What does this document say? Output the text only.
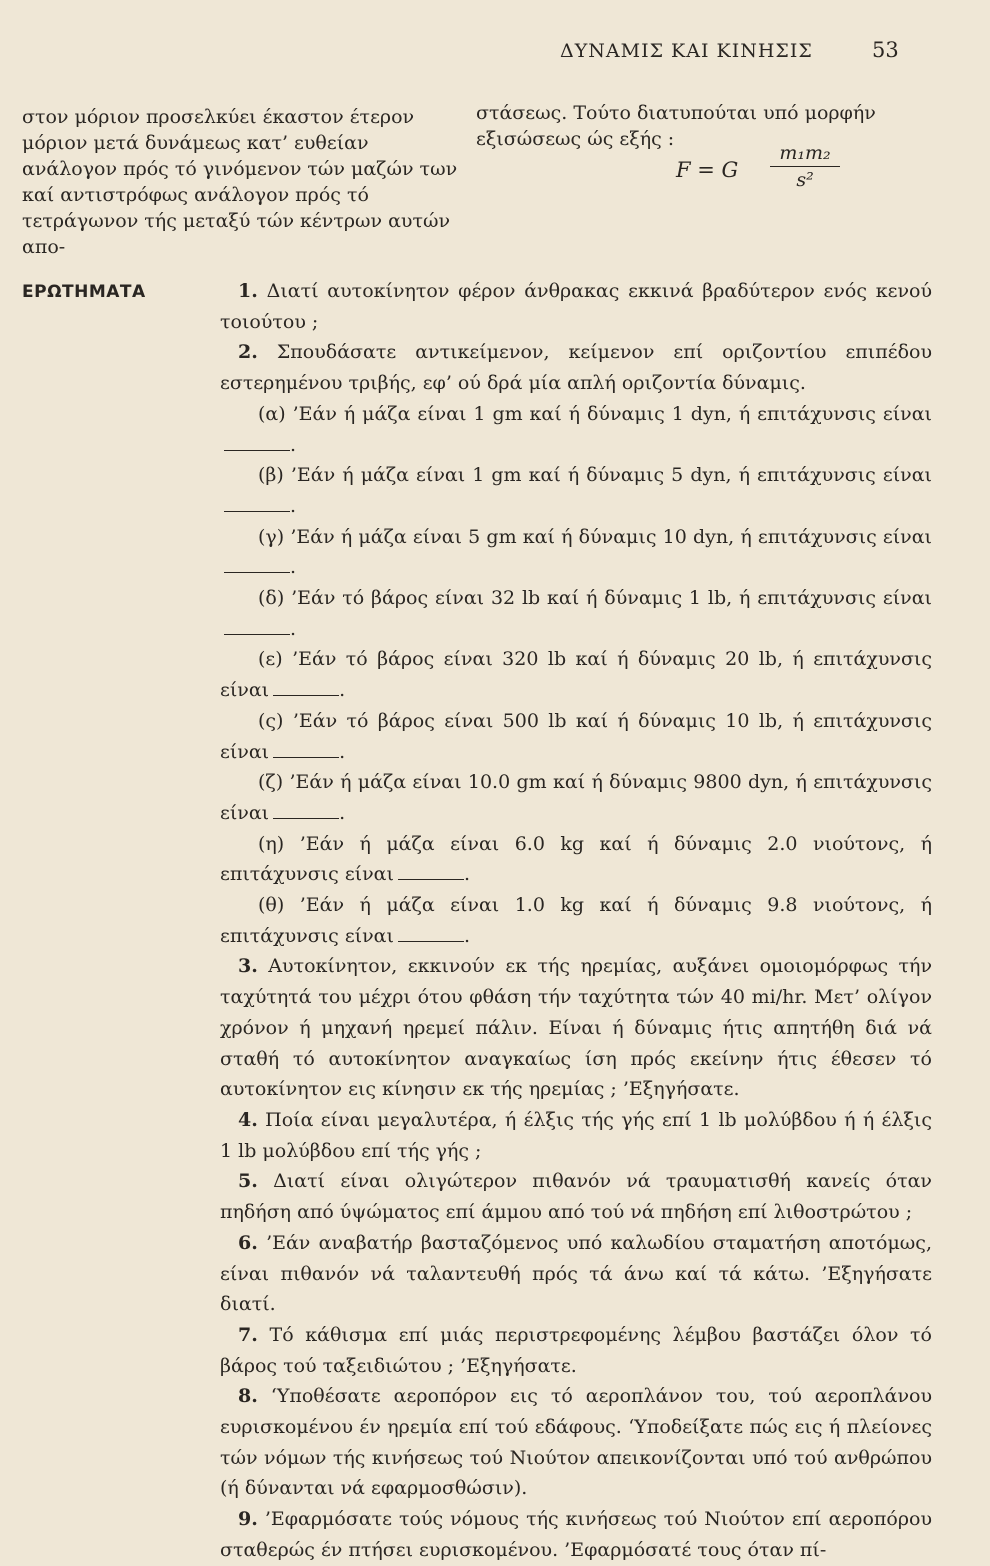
ΔΥΝΑΜΙΣ ΚΑΙ ΚΙΝΗΣΙΣ	53

στον μόριον προσελκύει έκαστον έτερον μόριον μετά δυνάμεως κατ’ ευθείαν ανάλογον πρός τό γινόμενον τών μαζών των καί αντιστρόφως ανάλογον πρός τό τετράγωνον τής μεταξύ τών κέντρων αυτών απο-

στάσεως. Τούτο διατυπούται υπό μορφήν εξισώσεως ώς εξής :

F = G
m₁m₂
s²
ΕΡΩΤΗΜΑΤΑ	1. Διατί αυτοκίνητον φέρον άνθρακας εκκινά βραδύτερον ενός κενού τοιούτου ;

2. Σπουδάσατε αντικείμενον, κείμενον επί οριζοντίου επιπέδου εστερημένου τριβής, εφ’ ού δρά μία απλή οριζοντία δύναμις.

(α) ’Εάν ή μάζα είναι 1 gm καί ή δύναμις 1 dyn, ή επιτάχυνσις είναι.

(β) ’Εάν ή μάζα είναι 1 gm καί ή δύναμις 5 dyn, ή επιτάχυνσις είναι.

(γ) ’Εάν ή μάζα είναι 5 gm καί ή δύναμις 10 dyn, ή επιτάχυνσις είναι.

(δ) ’Εάν τό βάρος είναι 32 lb καί ή δύναμις 1 lb, ή επιτάχυνσις είναι.

(ε) ’Εάν τό βάρος είναι 320 lb καί ή δύναμις 20 lb, ή επιτάχυνσις είναι	.

(ς) ’Εάν τό βάρος είναι 500 lb καί ή δύναμις 10 lb, ή επιτάχυνσις είναι	.

(ζ) ’Εάν ή μάζα είναι 10.0 gm καί ή δύναμις 9800 dyn, ή επιτάχυνσις είναι	.

(η) ’Εάν ή μάζα είναι 6.0 kg καί ή δύναμις 2.0 νιούτονς, ή επιτάχυνσις είναι	.

(θ) ’Εάν ή μάζα είναι 1.0 kg καί ή δύναμις 9.8 νιούτονς, ή επιτάχυνσις είναι	.

3. Αυτοκίνητον, εκκινούν εκ τής ηρεμίας, αυξάνει ομοιομόρφως τήν ταχύτητά του μέχρι ότου φθάση τήν ταχύτητα τών 40 mi/hr. Μετ’ ολίγον χρόνον ή μηχανή ηρεμεί πάλιν. Είναι ή δύναμις ήτις απητήθη διά νά σταθή τό αυτοκίνητον αναγκαίως ίση πρός εκείνην ήτις έθεσεν τό αυτοκίνητον εις κίνησιν εκ τής ηρεμίας ; ’Εξηγήσατε.

4. Ποία είναι μεγαλυτέρα, ή έλξις τής γής επί 1 lb μολύβδου ή ή έλξις 1 lb μολύβδου επί τής γής ;

5. Διατί είναι ολιγώτερον πιθανόν νά τραυματισθή κανείς όταν πηδήση από ύψώματος επί άμμου από τού νά πηδήση επί λιθοστρώτου ;

6. ’Εάν αναβατήρ βασταζόμενος υπό καλωδίου σταματήση αποτόμως, είναι πιθανόν νά ταλαντευθή πρός τά άνω καί τά κάτω. ’Εξηγήσατε διατί.

7. Τό κάθισμα επί μιάς περιστρεφομένης λέμβου βαστάζει όλον τό βάρος τού ταξειδιώτου ; ’Εξηγήσατε.

8. ‘Υποθέσατε αεροπόρον εις τό αεροπλάνον του, τού αεροπλάνου ευρισκομένου έν ηρεμία επί τού εδάφους. ‘Υποδείξατε πώς εις ή πλείονες τών νόμων τής κινήσεως τού Νιούτον απεικονίζονται υπό τού ανθρώπου (ή δύνανται νά εφαρμοσθώσιν).

9. ’Εφαρμόσατε τούς νόμους τής κινήσεως τού Νιούτον επί αεροπόρου σταθερώς έν πτήσει ευρισκομένου. ’Εφαρμόσατέ τους όταν πί-
